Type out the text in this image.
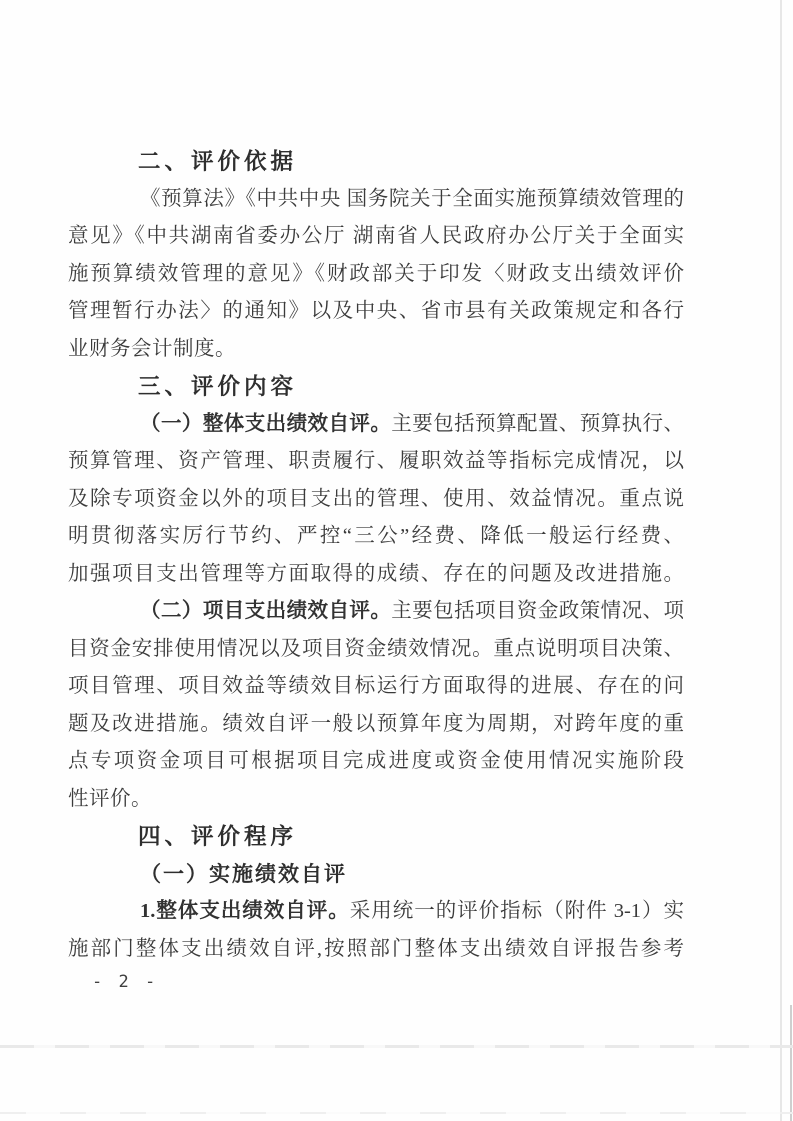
二、评价依据
《预算法》《中共中央 国务院关于全面实施预算绩效管理的
意见》《中共湖南省委办公厅 湖南省人民政府办公厅关于全面实
施预算绩效管理的意见》《财政部关于印发〈财政支出绩效评价
管理暂行办法〉的通知》以及中央、省市县有关政策规定和各行
业财务会计制度。
三、评价内容
（一）整体支出绩效自评。主要包括预算配置、预算执行、
预算管理、资产管理、职责履行、履职效益等指标完成情况，以
及除专项资金以外的项目支出的管理、使用、效益情况。重点说
明贯彻落实厉行节约、严控“三公”经费、降低一般运行经费、
加强项目支出管理等方面取得的成绩、存在的问题及改进措施。
（二）项目支出绩效自评。主要包括项目资金政策情况、项
目资金安排使用情况以及项目资金绩效情况。重点说明项目决策、
项目管理、项目效益等绩效目标运行方面取得的进展、存在的问
题及改进措施。绩效自评一般以预算年度为周期，对跨年度的重
点专项资金项目可根据项目完成进度或资金使用情况实施阶段
性评价。
四、评价程序
（一）实施绩效自评
1.整体支出绩效自评。采用统一的评价指标（附件 3-1）实
施部门整体支出绩效自评,按照部门整体支出绩效自评报告参考
- 2 -
